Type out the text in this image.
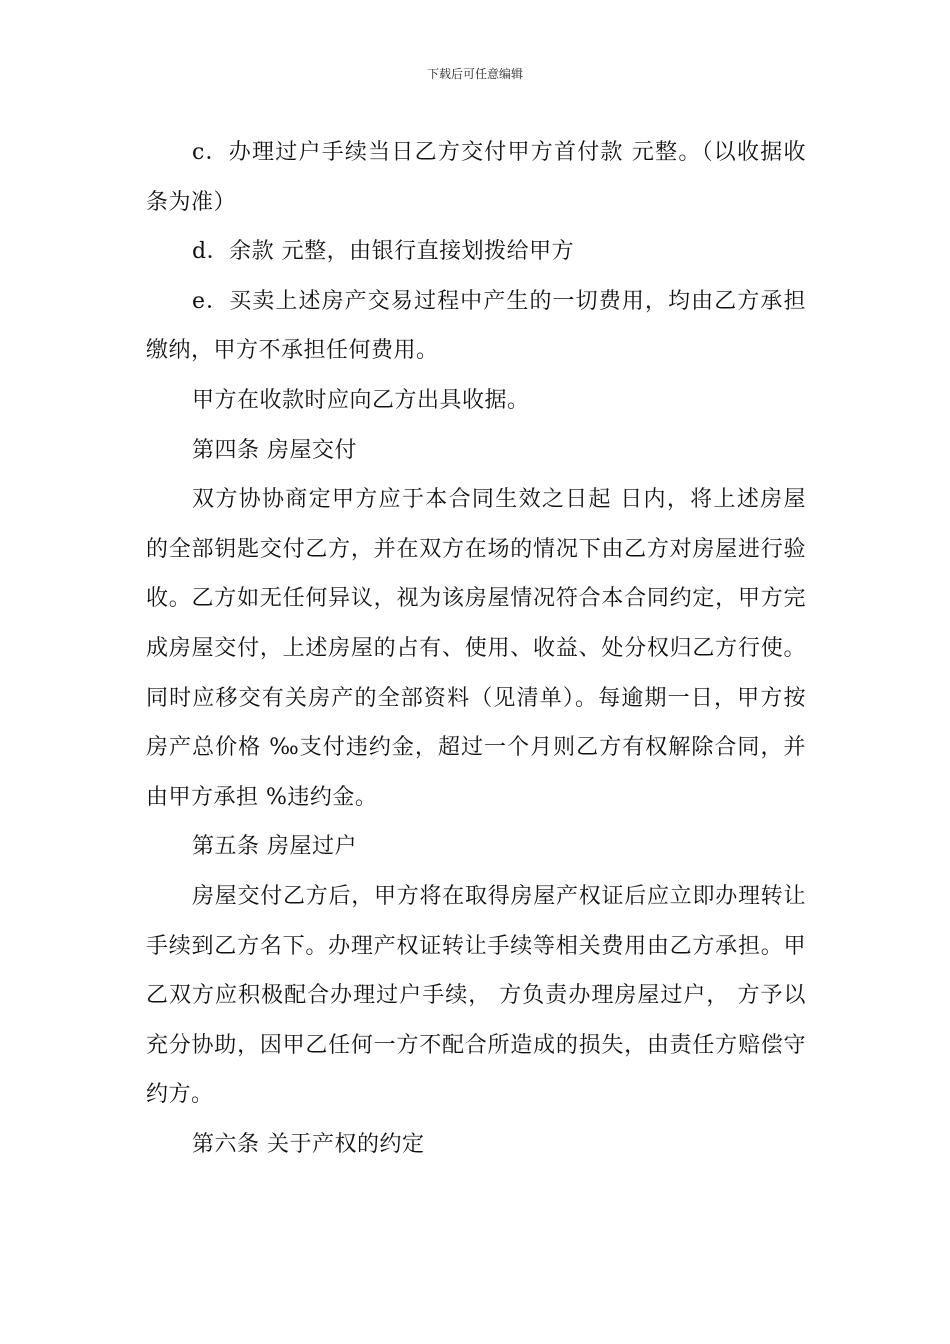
下载后可任意编辑

c．办理过户手续当日乙方交付甲方首付款 元整。（以收据收条为准）

d．余款 元整，由银行直接划拨给甲方

e．买卖上述房产交易过程中产生的一切费用，均由乙方承担缴纳，甲方不承担任何费用。

甲方在收款时应向乙方出具收据。

第四条 房屋交付

双方协协商定甲方应于本合同生效之日起 日内，将上述房屋的全部钥匙交付乙方，并在双方在场的情况下由乙方对房屋进行验收。乙方如无任何异议，视为该房屋情况符合本合同约定，甲方完成房屋交付，上述房屋的占有、使用、收益、处分权归乙方行使。同时应移交有关房产的全部资料（见清单）。每逾期一日，甲方按房产总价格 ‰支付违约金，超过一个月则乙方有权解除合同，并由甲方承担 %违约金。

第五条 房屋过户

房屋交付乙方后，甲方将在取得房屋产权证后应立即办理转让手续到乙方名下。办理产权证转让手续等相关费用由乙方承担。甲乙双方应积极配合办理过户手续， 方负责办理房屋过户， 方予以充分协助，因甲乙任何一方不配合所造成的损失，由责任方赔偿守约方。

第六条 关于产权的约定
